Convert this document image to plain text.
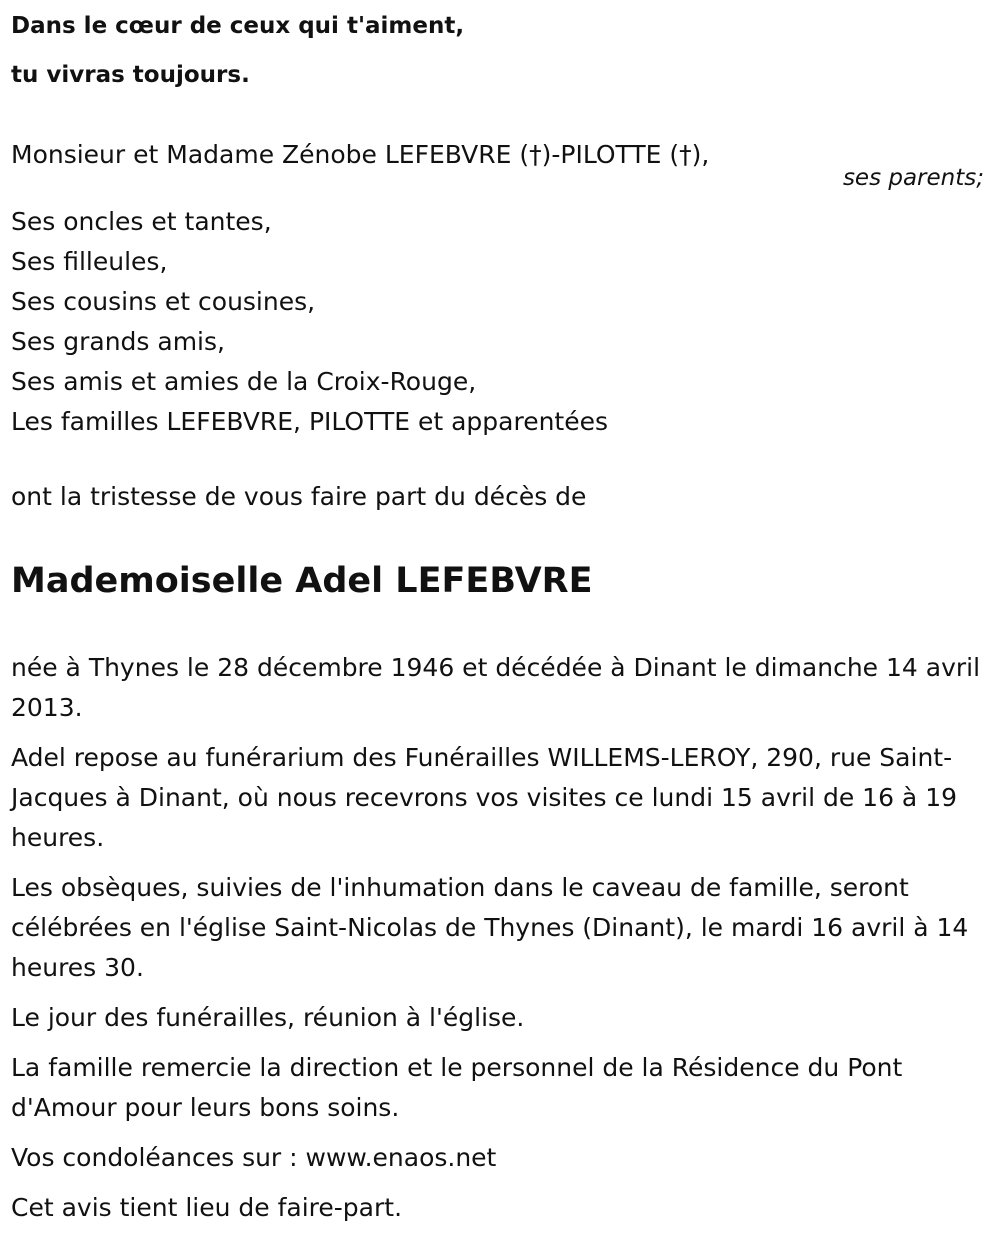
Dans le cœur de ceux qui t'aiment,
tu vivras toujours.
Monsieur et Madame Zénobe LEFEBVRE (†)-PILOTTE (†),
ses parents;
Ses oncles et tantes,
Ses filleules,
Ses cousins et cousines,
Ses grands amis,
Ses amis et amies de la Croix-Rouge,
Les familles LEFEBVRE, PILOTTE et apparentées
ont la tristesse de vous faire part du décès de
Mademoiselle Adel LEFEBVRE

née à Thynes le 28 décembre 1946 et décédée à Dinant le dimanche 14 avril 2013.

Adel repose au funérarium des Funérailles WILLEMS-LEROY, 290, rue Saint-Jacques à Dinant, où nous recevrons vos visites ce lundi 15 avril de 16 à 19 heures.

Les obsèques, suivies de l'inhumation dans le caveau de famille, seront célébrées en l'église Saint-Nicolas de Thynes (Dinant), le mardi 16 avril à 14 heures 30.

Le jour des funérailles, réunion à l'église.

La famille remercie la direction et le personnel de la Résidence du Pont d'Amour pour leurs bons soins.

Vos condoléances sur : www.enaos.net

Cet avis tient lieu de faire-part.
